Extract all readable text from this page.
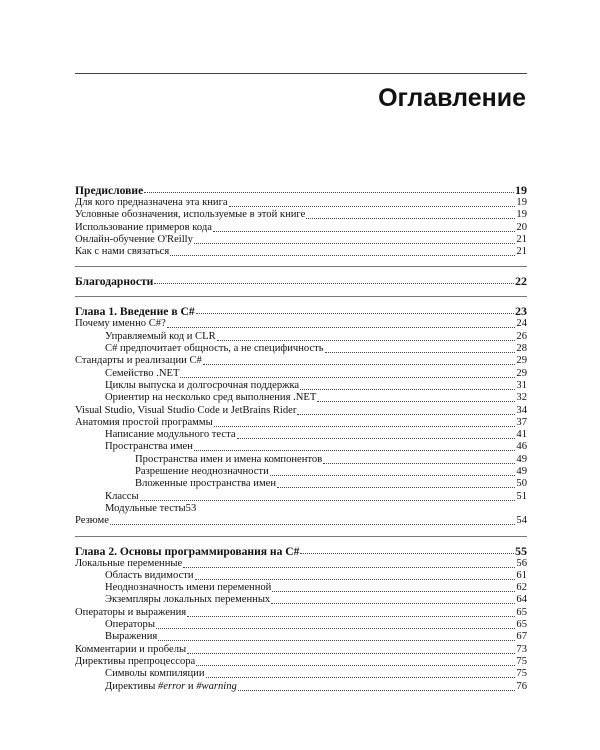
Оглавление
Предисловие	19
Для кого предназначена эта книга	19
Условные обозначения, используемые в этой книге	19
Использование примеров кода	20
Онлайн-обучение O'Reilly	21
Как с нами связаться	21
Благодарности	22
Глава 1. Введение в C#	23
Почему именно C#?	24
Управляемый код и CLR	26
C# предпочитает общность, а не специфичность	28
Стандарты и реализации C#	29
Семейство .NET	29
Циклы выпуска и долгосрочная поддержка	31
Ориентир на несколько сред выполнения .NET	32
Visual Studio, Visual Studio Code и JetBrains Rider	34
Анатомия простой программы	37
Написание модульного теста	41
Пространства имен	46
Пространства имен и имена компонентов	49
Разрешение неоднозначности	49
Вложенные пространства имен	50
Классы	51
Модульные тесты53
Резюме	54
Глава 2. Основы программирования на C#	55
Локальные переменные	56
Область видимости	61
Неоднозначность имени переменной	62
Экземпляры локальных переменных	64
Операторы и выражения	65
Операторы	65
Выражения	67
Комментарии и пробелы	73
Директивы препроцессора	75
Символы компиляции	75
Директивы #error и #warning	76
